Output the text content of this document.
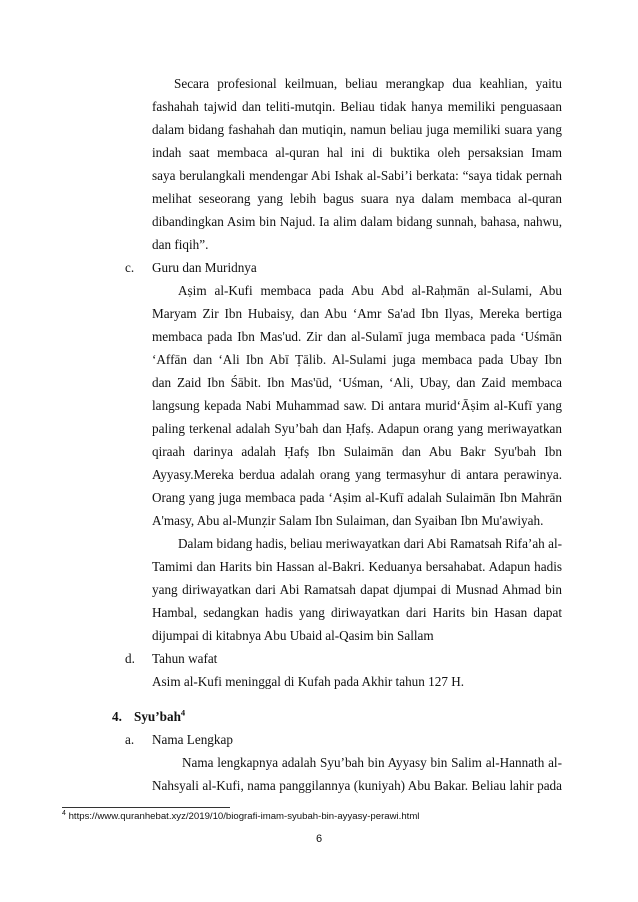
Secara profesional keilmuan, beliau merangkap dua keahlian, yaitu
fashahah tajwid dan teliti-mutqin. Beliau tidak hanya memiliki penguasaan
dalam bidang fashahah dan mutiqin, namun beliau juga memiliki suara yang
indah saat membaca al-quran hal ini di buktika oleh persaksian Imam
saya berulangkali mendengar Abi Ishak al-Sabi’i berkata: “saya tidak pernah
melihat seseorang yang lebih bagus suara nya dalam membaca al-quran
dibandingkan Asim bin Najud. Ia alim dalam bidang sunnah, bahasa, nahwu,
dan fiqih”.
c. Guru dan Muridnya
Aṣim al-Kufi membaca pada Abu Abd al-Raḥmān al-Sulami, Abu
Maryam Zir Ibn Hubaisy, dan Abu ‘Amr Sa'ad Ibn Ilyas, Mereka bertiga
membaca pada Ibn Mas'ud. Zir dan al-Sulamī juga membaca pada ‘Uśmān
‘Affān dan ‘Ali Ibn Abī Ṭālib. Al-Sulami juga membaca pada Ubay Ibn
dan Zaid Ibn Śābit. Ibn Mas'ūd, ‘Uśman, ‘Ali, Ubay, dan Zaid membaca
langsung kepada Nabi Muhammad saw. Di antara murid‘Āṣim al-Kufī yang
paling terkenal adalah Syu’bah dan Ḥafṣ. Adapun orang yang meriwayatkan
qiraah darinya adalah Ḥafṣ Ibn Sulaimān dan Abu Bakr Syu'bah Ibn
Ayyasy.Mereka berdua adalah orang yang termasyhur di antara perawinya.
Orang yang juga membaca pada ‘Aṣim al-Kufī adalah Sulaimān Ibn Mahrān
A'masy, Abu al-Munẓir Salam Ibn Sulaiman, dan Syaiban Ibn Mu'awiyah.
Dalam bidang hadis, beliau meriwayatkan dari Abi Ramatsah Rifa’ah al-
Tamimi dan Harits bin Hassan al-Bakri. Keduanya bersahabat. Adapun hadis
yang diriwayatkan dari Abi Ramatsah dapat djumpai di Musnad Ahmad bin
Hambal, sedangkan hadis yang diriwayatkan dari Harits bin Hasan dapat
dijumpai di kitabnya Abu Ubaid al-Qasim bin Sallam
d. Tahun wafat
Asim al-Kufi meninggal di Kufah pada Akhir tahun 127 H.
4. Syu’bah$^4$
a. Nama Lengkap
Nama lengkapnya adalah Syu’bah bin Ayyasy bin Salim al-Hannath al-
Nahsyali al-Kufi, nama panggilannya (kuniyah) Abu Bakar. Beliau lahir pada
$^4$ https://www.quranhebat.xyz/2019/10/biografi-imam-syubah-bin-ayyasy-perawi.html
6
